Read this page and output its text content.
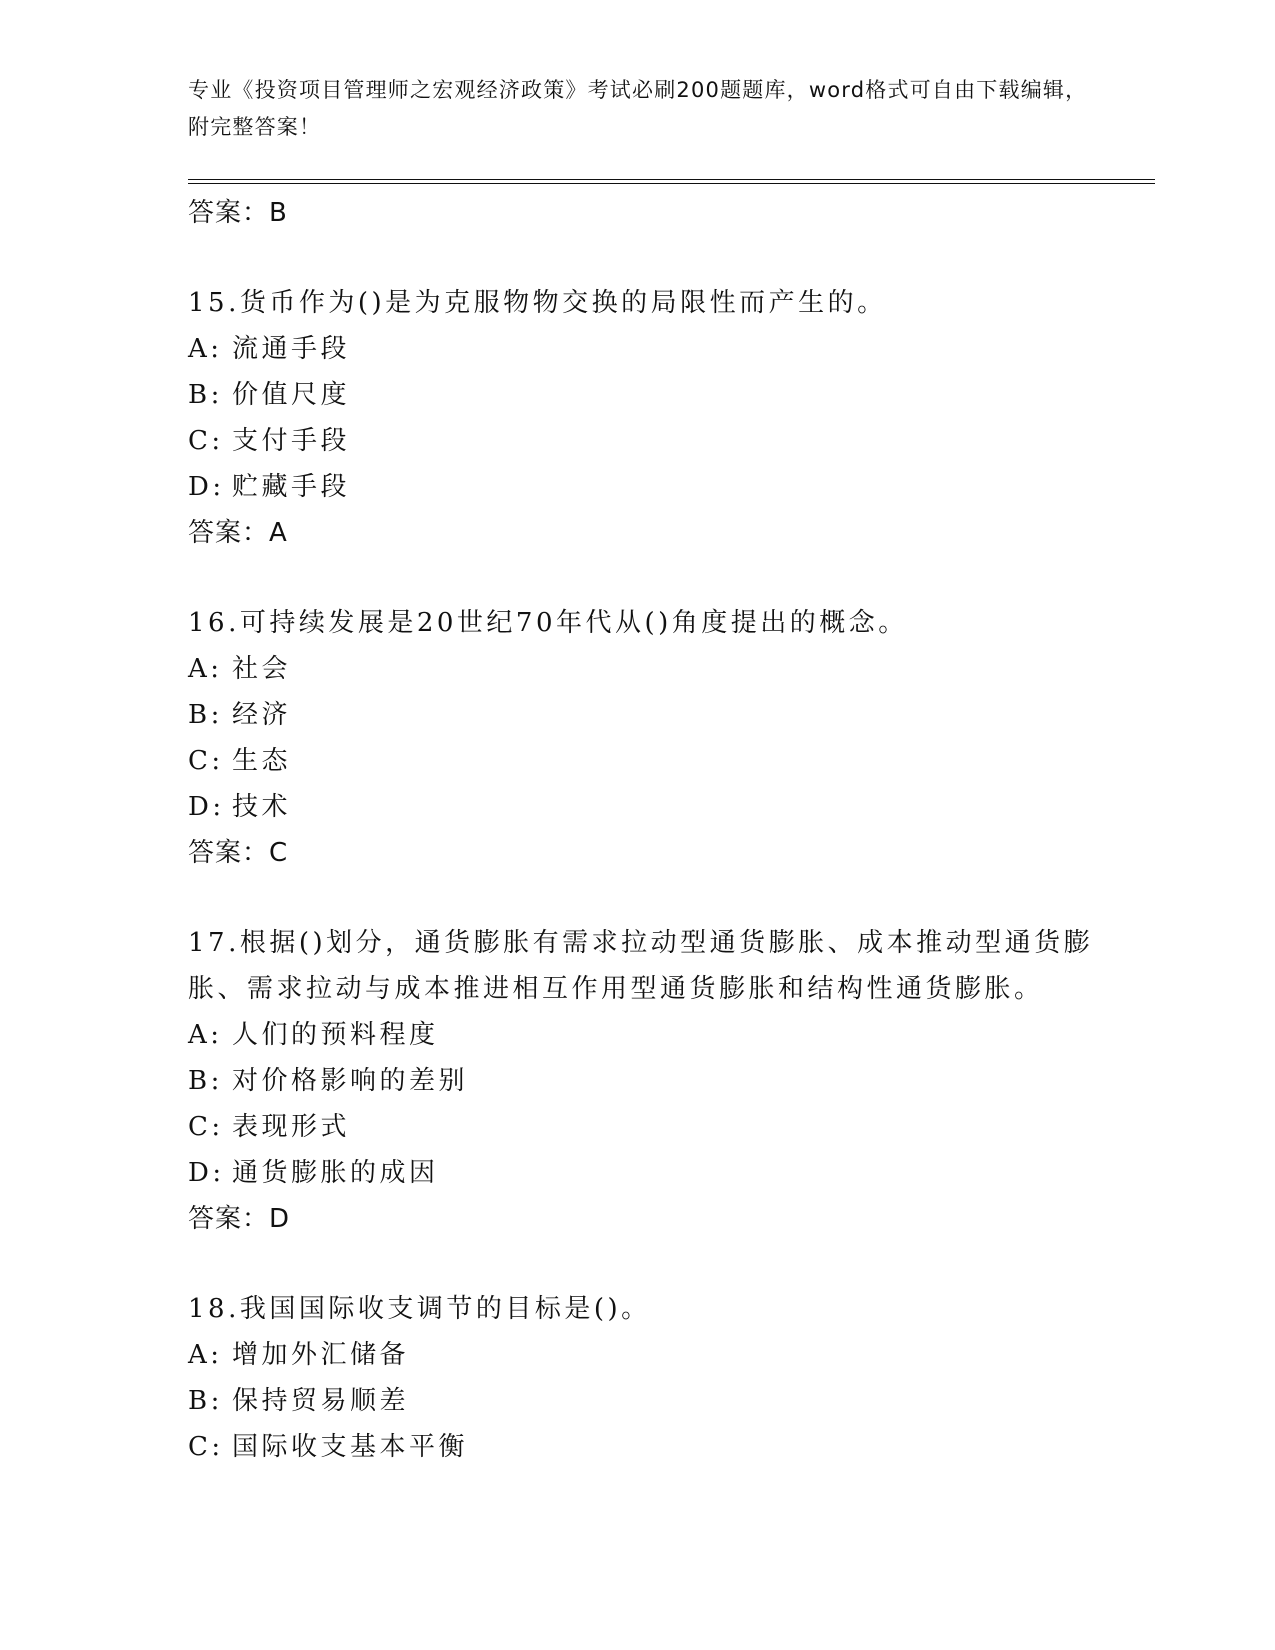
专业《投资项目管理师之宏观经济政策》考试必刷200题题库，word格式可自由下载编辑，附完整答案！
答案：B

15.货币作为()是为克服物物交换的局限性而产生的。

A: 流通手段
B: 价值尺度
C: 支付手段
D: 贮藏手段
答案：A

16.可持续发展是20世纪70年代从()角度提出的概念。

A: 社会
B: 经济
C: 生态
D: 技术
答案：C

17.根据()划分，通货膨胀有需求拉动型通货膨胀、成本推动型通货膨胀、需求拉动与成本推进相互作用型通货膨胀和结构性通货膨胀。

A: 人们的预料程度
B: 对价格影响的差别
C: 表现形式
D: 通货膨胀的成因
答案：D

18.我国国际收支调节的目标是()。

A: 增加外汇储备
B: 保持贸易顺差
C: 国际收支基本平衡
